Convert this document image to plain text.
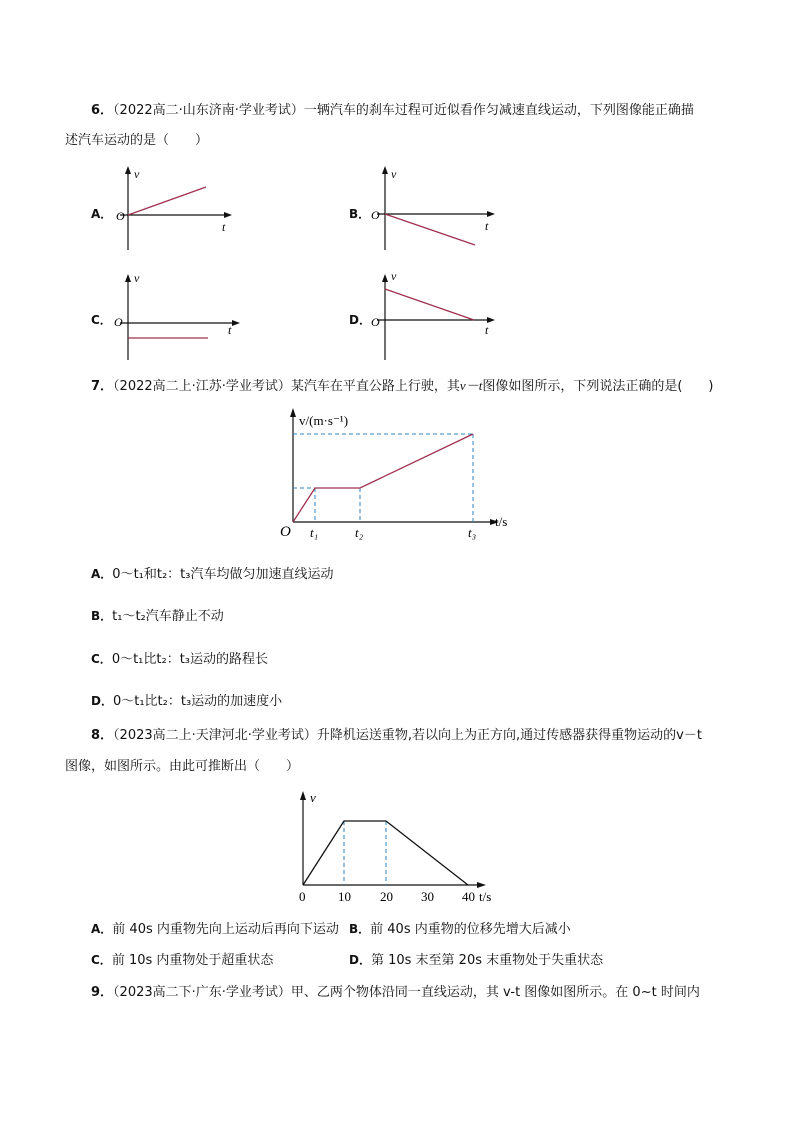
6．（2022高二·山东济南·学业考试）一辆汽车的刹车过程可近似看作匀减速直线运动，下列图像能正确描
述汽车运动的是（　　）
A． O
v
t
B． O
v
t
C． O
v
t
D． O
v
t
7．（2022高二上·江苏·学业考试）某汽车在平直公路上行驶，其v－t图像如图所示，下列说法正确的是(　　)
v/(m·s⁻¹)
O
t/s
t₁	t₂	t₃
A．0～t₁和t₂：t₃汽车均做匀加速直线运动
B．t₁～t₂汽车静止不动
C．0～t₁比t₂：t₃运动的路程长
D．0～t₁比t₂：t₃运动的加速度小
8．（2023高二上·天津河北·学业考试）升降机运送重物,若以向上为正方向,通过传感器获得重物运动的v－t
图像，如图所示。由此可推断出（　　）
v
0	10 20 30 40 t/s
A．前 40s 内重物先向上运动后再向下运动 B．前 40s 内重物的位移先增大后减小
C．前 10s 内重物处于超重状态	D．第 10s 末至第 20s 末重物处于失重状态
9．（2023高二下·广东·学业考试）甲、乙两个物体沿同一直线运动，其 v-t 图像如图所示。在 0~t 时间内
